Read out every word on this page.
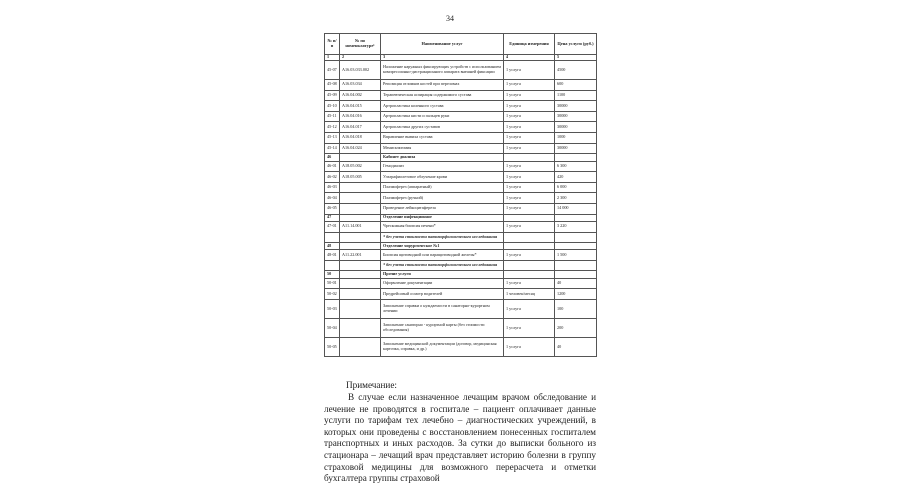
34
№ п/п	№ по номенклатуре¹	Наименование услуг	Единица измерения	Цена услуги (руб.)
1	2	3	4	5
45-07	A16.03.033.002	Наложение наружных фиксирующих устройств с использованием компрессионно-дистракционного аппарата внешней фиксации	1 услуга	4500
45-08	A16.03.034	Репозиция отломков костей при переломах	1 услуга	600
45-09	A16.04.002	Терапевтическая аспирация содержимого сустава	1 услуга	1100
45-10	A16.04.015	Артропластика коленного сустава	1 услуга	30000
45-11	A16.04.016	Артропластика кисти и пальцев руки	1 услуга	30000
45-12	A16.04.017	Артропластика других суставов	1 услуга	30000
45-13	A16.04.018	Вправление вывиха сустава	1 услуга	1000
45-14	A16.04.024	Менискэктомия	1 услуга	30000
46		Кабинет диализа		
46-01	A18.05.002	Гемодиализ	1 услуга	6 300
46-02	A18.05.005	Ультрафиолетовое облучение крови	1 услуга	420
46-03		Плазмоферез (аппаратный)	1 услуга	6 000
46-04		Плазмоферез (ручной)	1 услуга	2 300
46-05		Проведение лейкоцитафереза	1 услуга	14 000
47		Отделение инфекционное		
47-01	A11.14.001	Чрескожная биопсия печени*	1 услуга	3 220
		* без учета стоимости патоморфологического исследования		
48		Отделение хирургическое №1		
48-01	A11.22.001	Биопсия щитовидной или паращитовидной железы*	1 услуга	1 500
		* без учета стоимости патоморфологического исследования		
50		Прочие услуги		
50-01		Оформление документации	1 услуга	40
50-02		Предрейсовый осмотр водителей	1 человек/месяц	1200
50-03		Заполнение справки о нуждаемости в санаторно-курортном лечении	1 услуга	100
50-04		Заполнение санаторно - курортной карты (без стоимости обследования)	1 услуга	200
50-05		Заполнение медицинской документации (договор, медицинская карточка, справка, и др.)	1 услуга	40
Примечание:
В случае если назначенное лечащим врачом обследование и лечение не проводятся в госпитале – пациент оплачивает данные услуги по тарифам тех лечебно – диагностических учреждений, в которых они проведены с восстановлением понесенных госпиталем транспортных и иных расходов. За сутки до выписки больного из стационара – лечащий врач представляет историю болезни в группу страховой медицины для возможного перерасчета и отметки бухгалтера группы страховой
